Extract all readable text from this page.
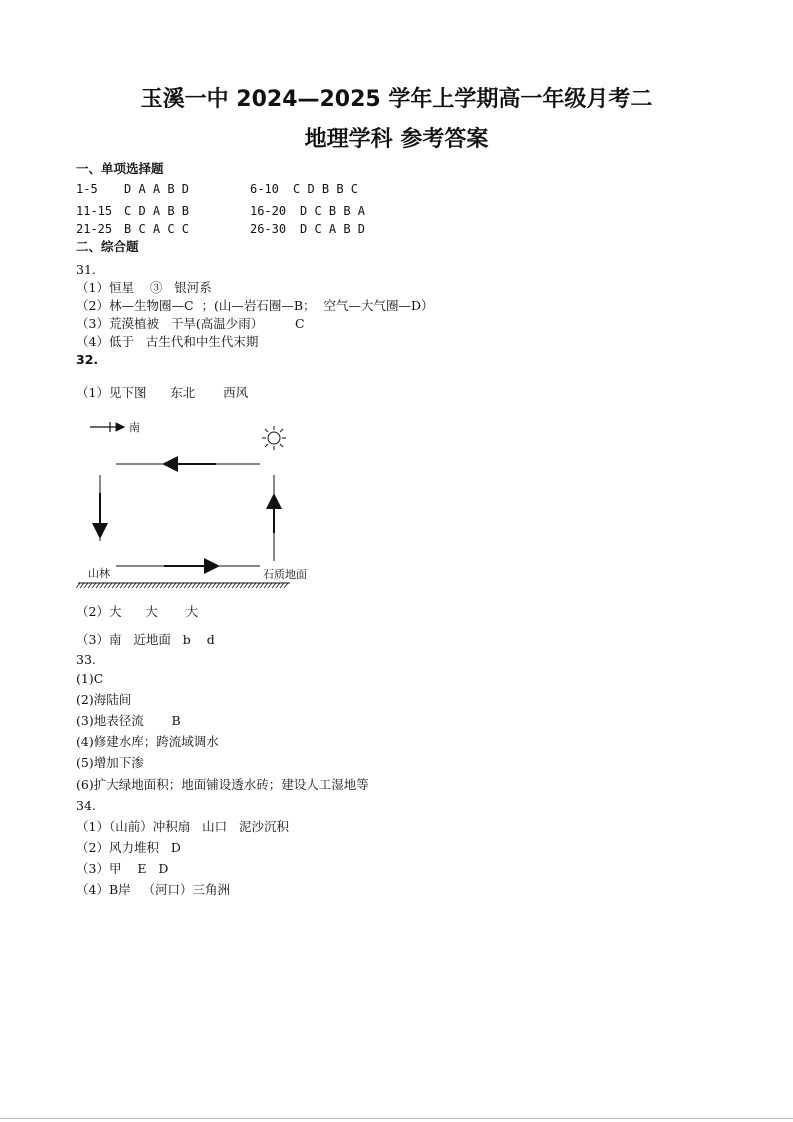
玉溪一中 2024—2025 学年上学期高一年级月考二
地理学科 参考答案
一、单项选择题
1-5 D A A B D	6-10 C D B B C
11-15 C D A B B	16-20 D C B B A
21-25 B C A C C	26-30 D C A B D
二、综合题
31.
（1）恒星    ③   银河系
（2）林—生物圈—C  ；(山—岩石圈—B；  空气—大气圈—D）
（3）荒漠植被   干旱(高温少雨）        C
（4）低于   古生代和中生代末期
32.
（1）见下图      东北       西风
南
山林	石质地面
（2）大      大       大
（3）南   近地面   b    d
33.
(1)C
(2)海陆间
(3)地表径流       B
(4)修建水库；跨流域调水
(5)增加下渗
(6)扩大绿地面积；地面铺设透水砖；建设人工湿地等
34.
（1）（山前）冲积扇   山口   泥沙沉积
（2）风力堆积   D
（3）甲    E   D
（4）B岸   （河口）三角洲
